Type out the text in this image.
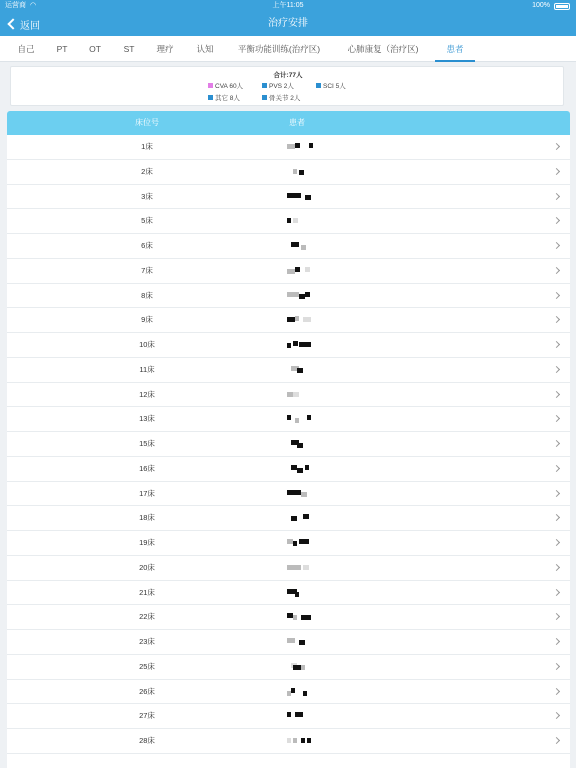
运营商 ◠	上午11:05	100%
返回	治疗安排
自己	PT	OT	ST	理疗	认知	平衡功能训练(治疗区)	心肺康复（治疗区)	患者
合计:77人
CVA 60人	PVS 2人	SCI 5人
其它 8人	骨关节 2人
床位号	患者
1床
2床
3床
5床
6床
7床
8床
9床
10床
11床
12床
13床
15床
16床
17床
18床
19床
20床
21床
22床
23床
25床
26床
27床
28床
